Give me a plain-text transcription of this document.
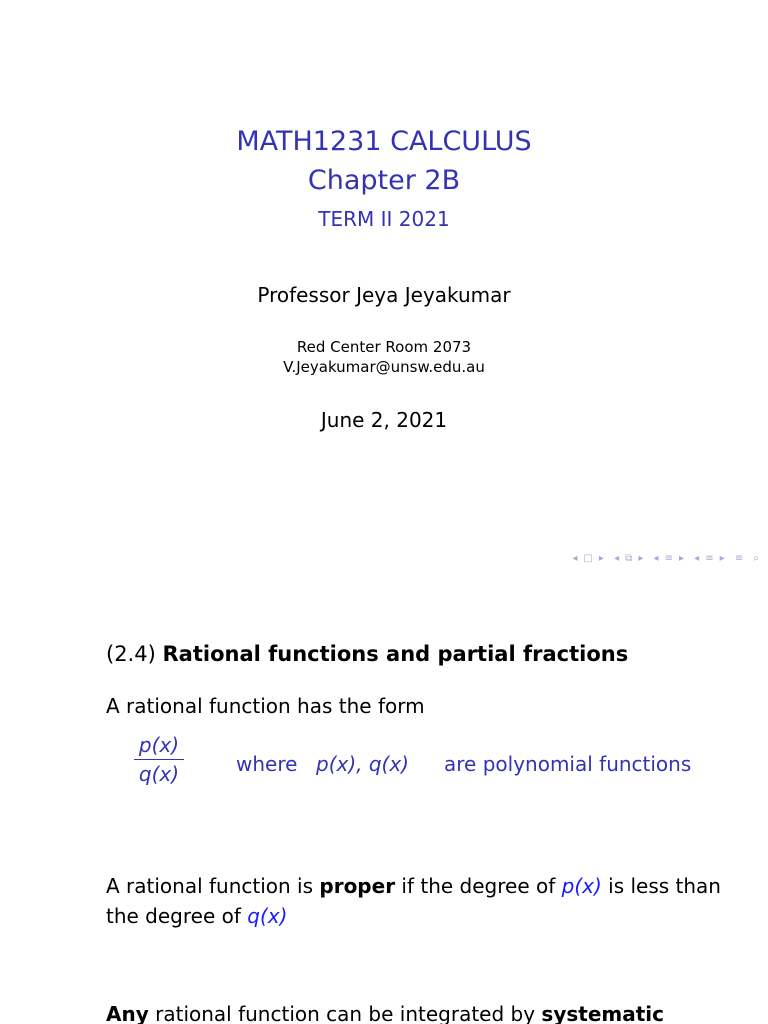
MATH1231 CALCULUS
Chapter 2B
TERM II 2021
Professor Jeya Jeyakumar
Red Center Room 2073
V.Jeyakumar@unsw.edu.au
June 2, 2021
◂ □ ▸ ◂ ⧉ ▸ ◂ ≡ ▸ ◂ ≡ ▸ ≡ ⌕
(2.4) Rational functions and partial fractions
A rational function has the form
p(x)
q(x)	where p(x), q(x) are polynomial functions
A rational function is proper if the degree of p(x) is less than
the degree of q(x)
Any rational function can be integrated by systematic
